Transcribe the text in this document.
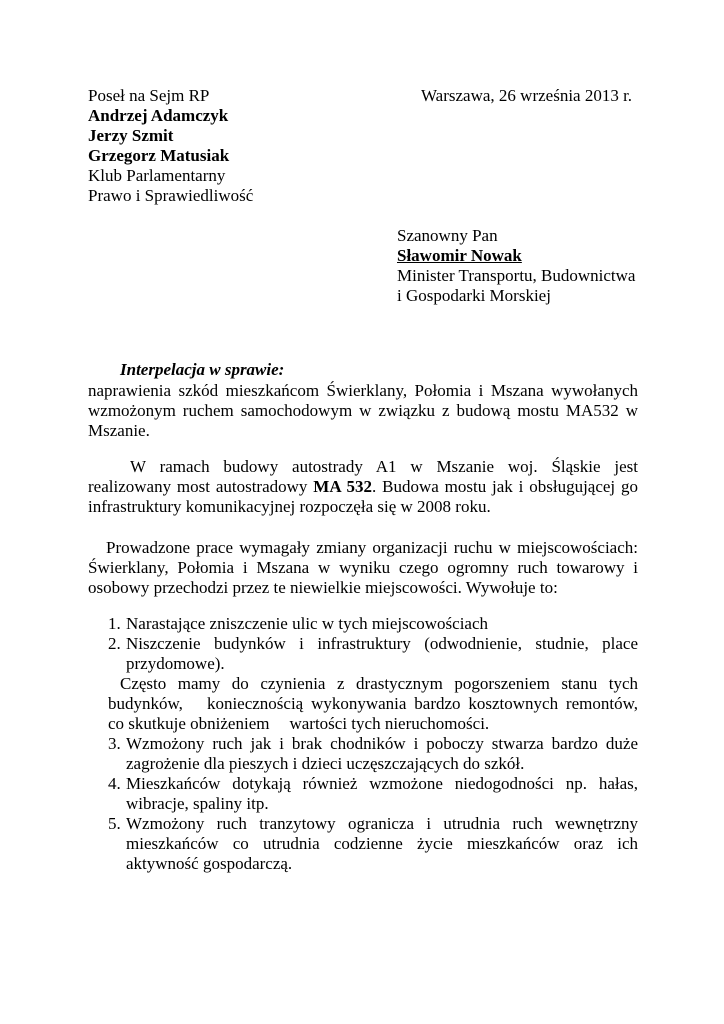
Poseł na Sejm RP
Andrzej Adamczyk
Jerzy Szmit
Grzegorz Matusiak
Klub Parlamentarny
Prawo i Sprawiedliwość
Warszawa, 26 września 2013 r.
Szanowny Pan
Sławomir Nowak
Minister Transportu, Budownictwa
i Gospodarki Morskiej
Interpelacja w sprawie:
naprawienia szkód mieszkańcom Świerklany, Połomia i Mszana wywołanych wzmożonym ruchem samochodowym w związku z budową mostu MA532 w Mszanie.
W ramach budowy autostrady A1 w Mszanie woj. Śląskie jest realizowany most autostradowy MA 532. Budowa mostu jak i obsługującej go infrastruktury komunikacyjnej rozpoczęła się w 2008 roku.
Prowadzone prace wymagały zmiany organizacji ruchu w miejscowościach: Świerklany, Połomia i Mszana w wyniku czego ogromny ruch towarowy i osobowy przechodzi przez te niewielkie miejscowości. Wywołuje to:
1. Narastające zniszczenie ulic w tych miejscowościach
2. Niszczenie budynków i infrastruktury (odwodnienie, studnie, place przydomowe).
Często mamy do czynienia z drastycznym pogorszeniem stanu tych budynków, koniecznością wykonywania bardzo kosztownych remontów, co skutkuje obniżeniem wartości tych nieruchomości.
3. Wzmożony ruch jak i brak chodników i poboczy stwarza bardzo duże zagrożenie dla pieszych i dzieci uczęszczających do szkół.
4. Mieszkańców dotykają również wzmożone niedogodności np. hałas, wibracje, spaliny itp.
5. Wzmożony ruch tranzytowy ogranicza i utrudnia ruch wewnętrzny mieszkańców co utrudnia codzienne życie mieszkańców oraz ich aktywność gospodarczą.
